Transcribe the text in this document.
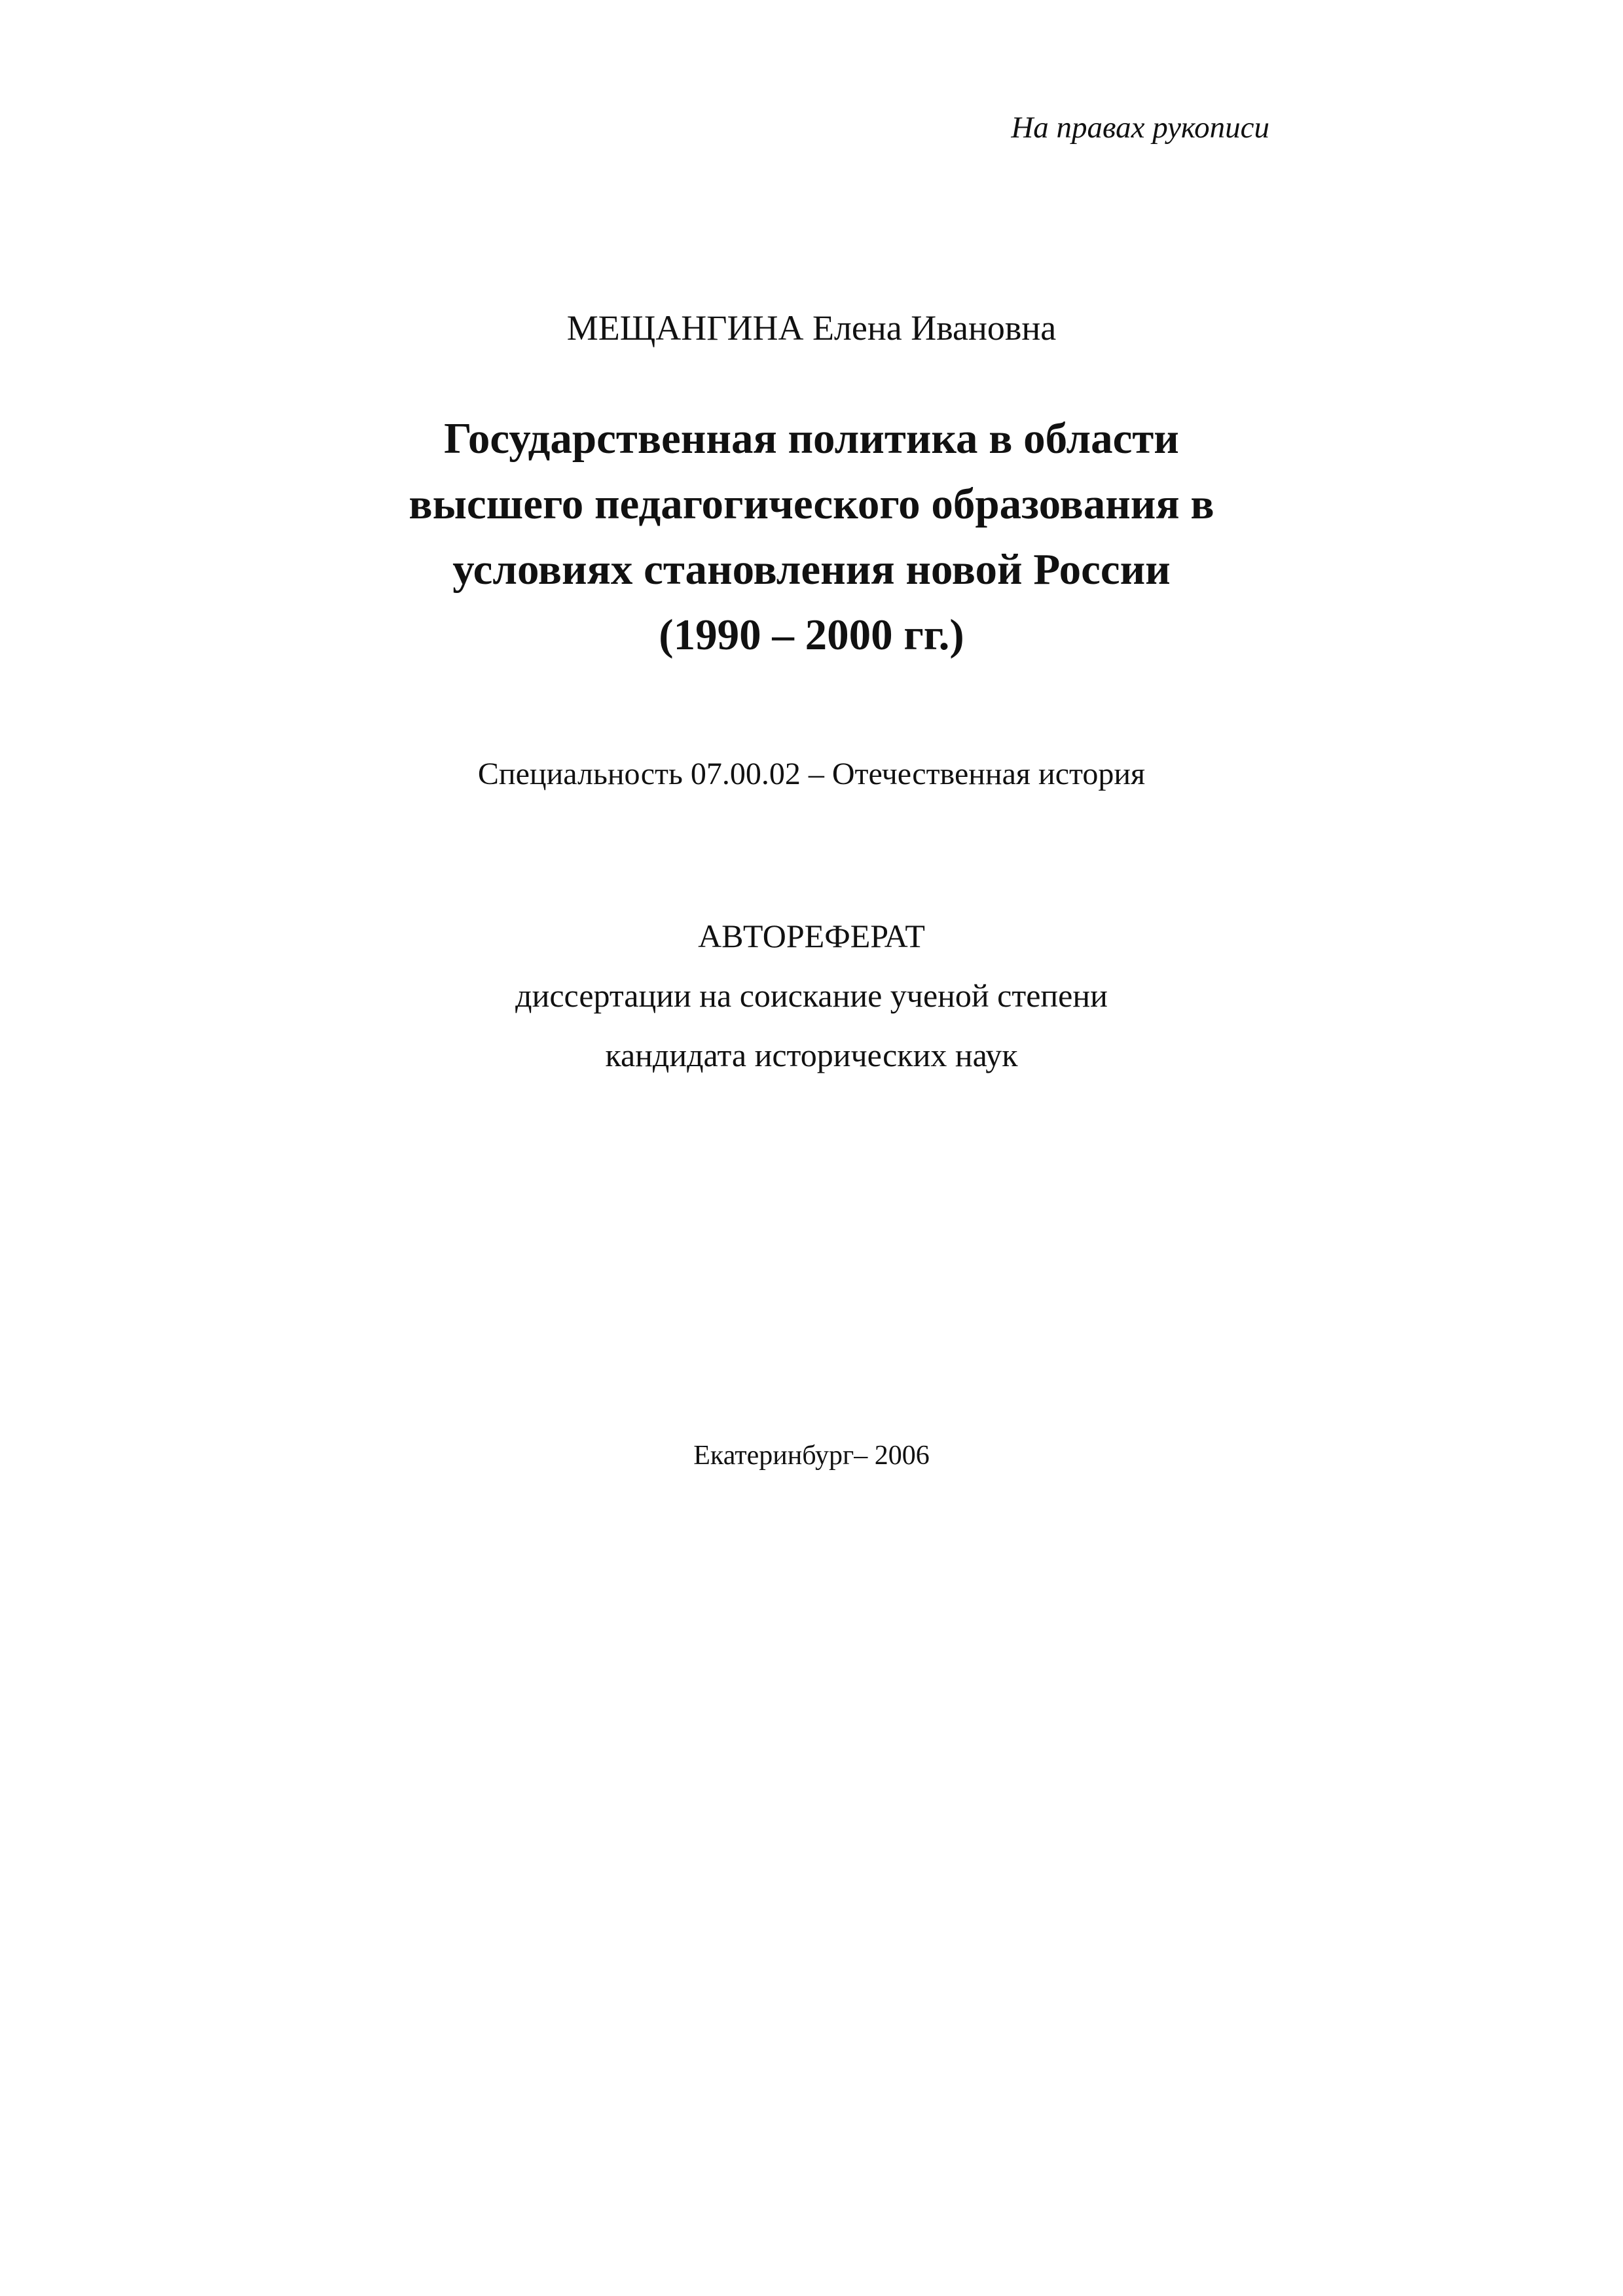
На правах рукописи
МЕЩАНГИНА Елена Ивановна
Государственная политика в области
высшего педагогического образования в
условиях становления новой России
(1990 – 2000 гг.)
Специальность 07.00.02 – Отечественная история
АВТОРЕФЕРАТ
диссертации на соискание ученой степени
кандидата исторических наук
Екатеринбург– 2006
